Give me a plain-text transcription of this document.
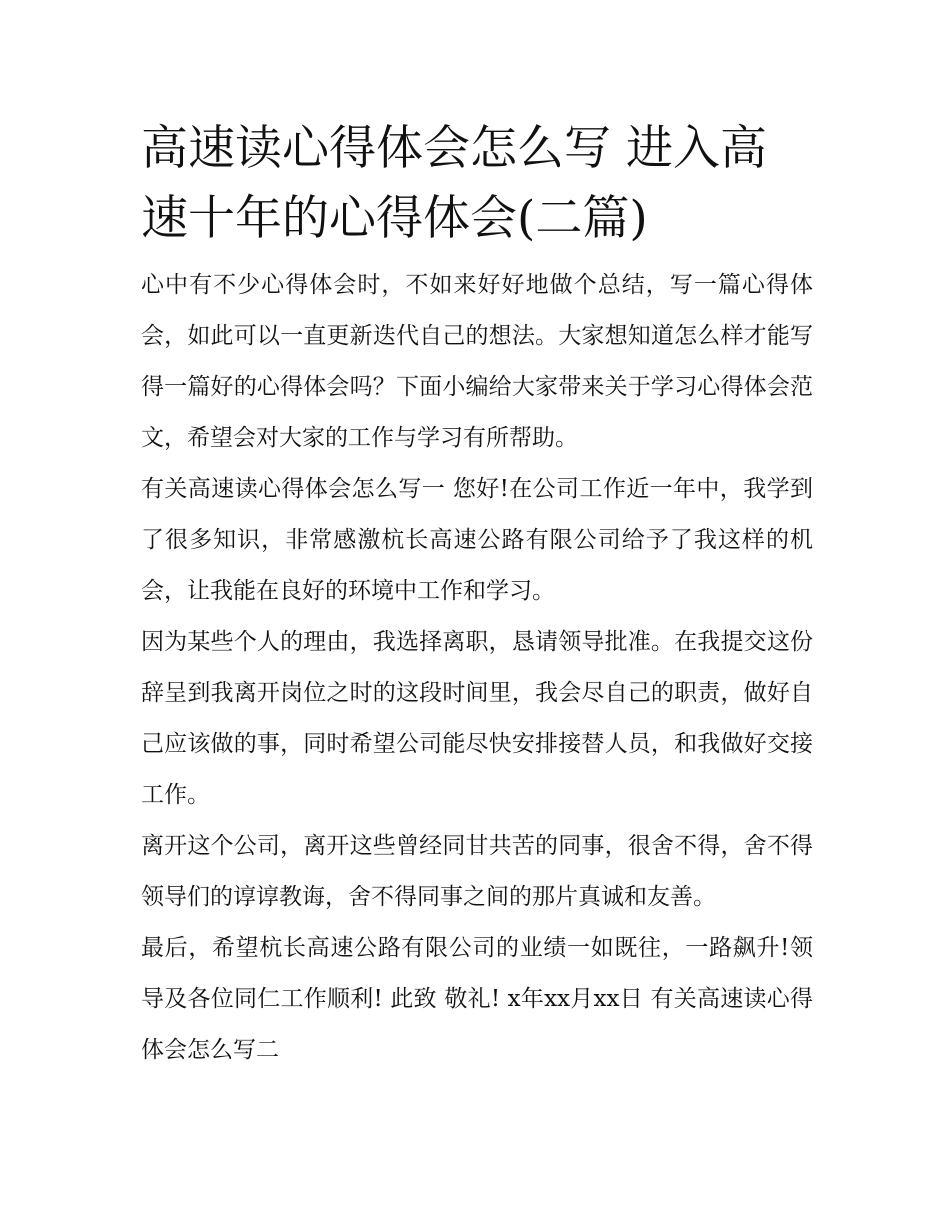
高速读心得体会怎么写 进入高速十年的心得体会(二篇)

心中有不少心得体会时，不如来好好地做个总结，写一篇心得体会，如此可以一直更新迭代自己的想法。大家想知道怎么样才能写得一篇好的心得体会吗？下面小编给大家带来关于学习心得体会范文，希望会对大家的工作与学习有所帮助。

有关高速读心得体会怎么写一 您好!在公司工作近一年中，我学到了很多知识，非常感激杭长高速公路有限公司给予了我这样的机会，让我能在良好的环境中工作和学习。

因为某些个人的理由，我选择离职，恳请领导批准。在我提交这份辞呈到我离开岗位之时的这段时间里，我会尽自己的职责，做好自己应该做的事，同时希望公司能尽快安排接替人员，和我做好交接工作。

离开这个公司，离开这些曾经同甘共苦的同事，很舍不得，舍不得领导们的谆谆教诲，舍不得同事之间的那片真诚和友善。

最后，希望杭长高速公路有限公司的业绩一如既往，一路飙升!领导及各位同仁工作顺利! 此致 敬礼! x年xx月xx日 有关高速读心得体会怎么写二
